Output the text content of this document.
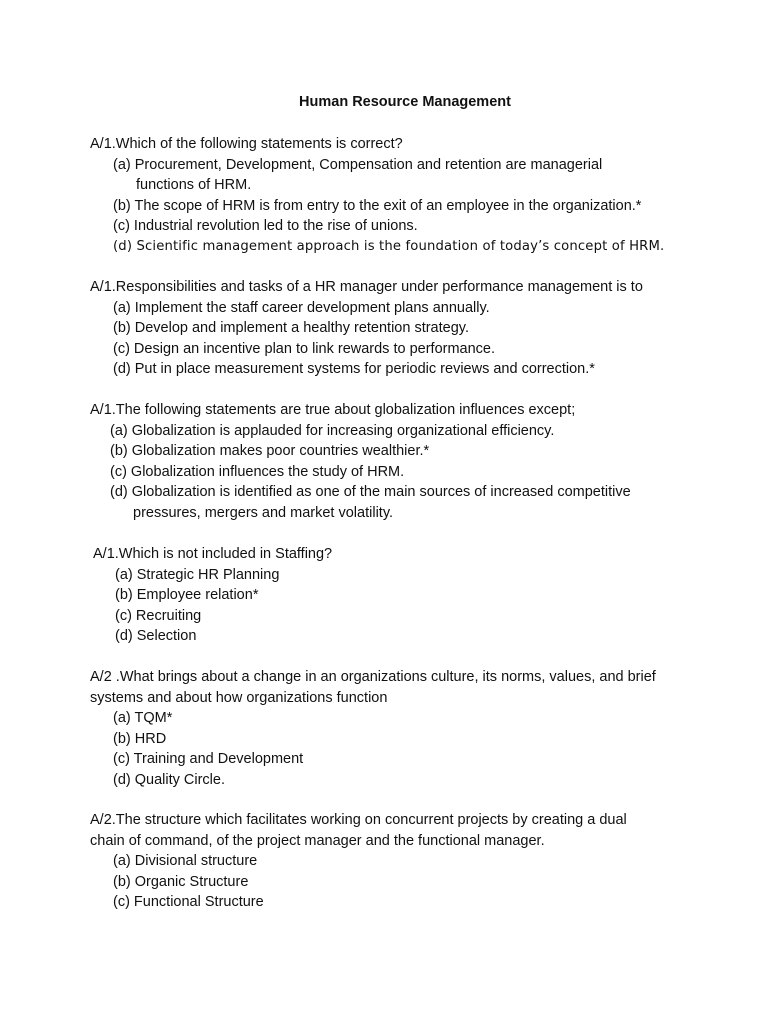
Human Resource Management
A/1.Which of the following statements is correct?
(a) Procurement, Development, Compensation and retention are managerial functions of HRM.
(b) The scope of HRM is from entry to the exit of an employee in the organization.*
(c) Industrial revolution led to the rise of unions.
(d) Scientific management approach is the foundation of today’s concept of HRM.
A/1.Responsibilities and tasks of a HR manager under performance management is to
(a) Implement the staff career development plans annually.
(b) Develop and implement a healthy retention strategy.
(c) Design an incentive plan to link rewards to performance.
(d) Put in place measurement systems for periodic reviews and correction.*
A/1.The following statements are true about globalization influences except;
(a) Globalization is applauded for increasing organizational efficiency.
(b) Globalization makes poor countries wealthier.*
(c) Globalization influences the study of HRM.
(d) Globalization is identified as one of the main sources of increased competitive pressures, mergers and market volatility.
A/1.Which is not included in Staffing?
(a) Strategic HR Planning
(b) Employee relation*
(c) Recruiting
(d) Selection
A/2 .What brings about a change in an organizations culture, its norms, values, and brief systems and about how organizations function
(a) TQM*
(b) HRD
(c) Training and Development
(d) Quality Circle.
A/2.The structure which facilitates working on concurrent projects by creating a dual chain of command, of the project manager and the functional manager.
(a) Divisional structure
(b) Organic Structure
(c) Functional Structure
